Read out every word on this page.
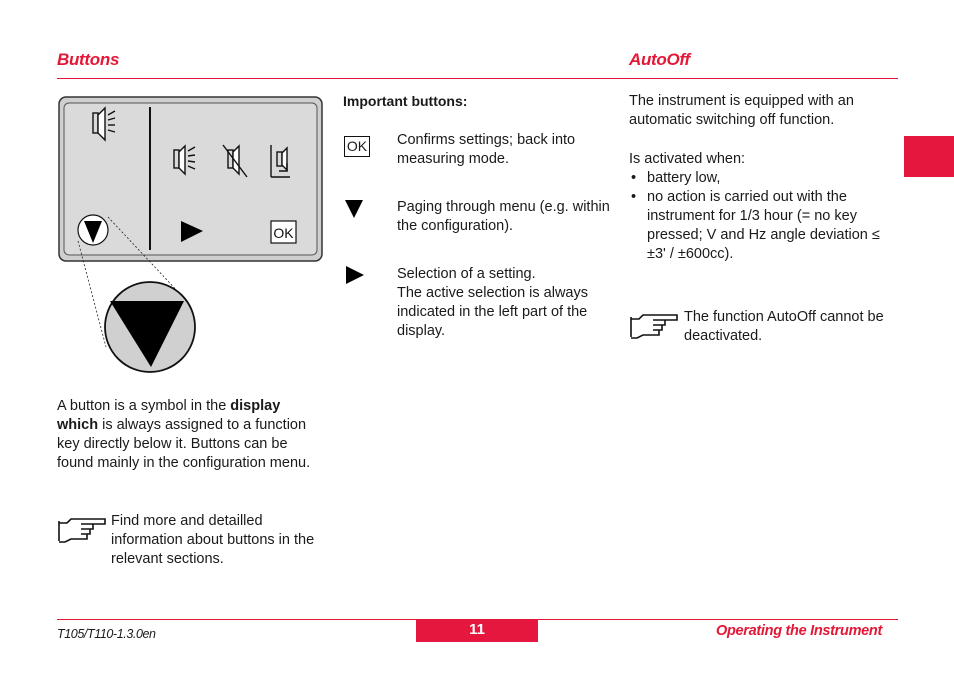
Buttons	AutoOff
OK
A button is a symbol in the display which is always assigned to a function key directly below it. Buttons can be found mainly in the configuration menu.
Find more and detailled information about buttons in the relevant sections.
Important buttons:
OK Confirms settings; back into measuring mode.
Paging through menu (e.g. within the configuration).
Selection of a setting.
The active selection is always indicated in the left part of the display.
The instrument is equipped with an automatic switching off function.
Is activated when:
• battery low,
• no action is carried out with the instrument for 1/3 hour (= no key pressed; V and Hz angle deviation ≤ ±3' / ±600cc).
The function AutoOff cannot be deactivated.
T105/T110-1.3.0en	11	Operating the Instrument
